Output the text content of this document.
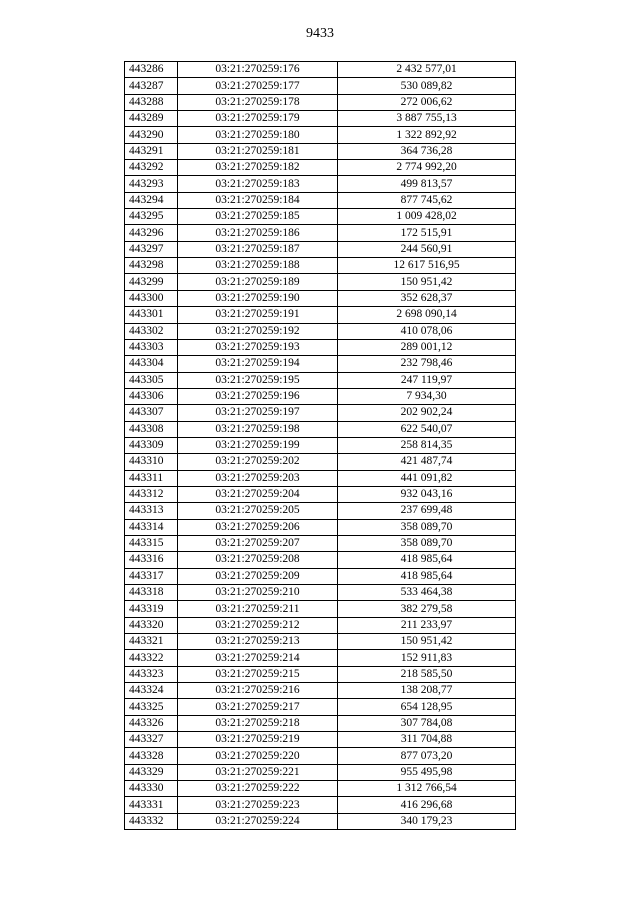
9433
443286	03:21:270259:176	2 432 577,01
443287	03:21:270259:177	530 089,82
443288	03:21:270259:178	272 006,62
443289	03:21:270259:179	3 887 755,13
443290	03:21:270259:180	1 322 892,92
443291	03:21:270259:181	364 736,28
443292	03:21:270259:182	2 774 992,20
443293	03:21:270259:183	499 813,57
443294	03:21:270259:184	877 745,62
443295	03:21:270259:185	1 009 428,02
443296	03:21:270259:186	172 515,91
443297	03:21:270259:187	244 560,91
443298	03:21:270259:188	12 617 516,95
443299	03:21:270259:189	150 951,42
443300	03:21:270259:190	352 628,37
443301	03:21:270259:191	2 698 090,14
443302	03:21:270259:192	410 078,06
443303	03:21:270259:193	289 001,12
443304	03:21:270259:194	232 798,46
443305	03:21:270259:195	247 119,97
443306	03:21:270259:196	7 934,30
443307	03:21:270259:197	202 902,24
443308	03:21:270259:198	622 540,07
443309	03:21:270259:199	258 814,35
443310	03:21:270259:202	421 487,74
443311	03:21:270259:203	441 091,82
443312	03:21:270259:204	932 043,16
443313	03:21:270259:205	237 699,48
443314	03:21:270259:206	358 089,70
443315	03:21:270259:207	358 089,70
443316	03:21:270259:208	418 985,64
443317	03:21:270259:209	418 985,64
443318	03:21:270259:210	533 464,38
443319	03:21:270259:211	382 279,58
443320	03:21:270259:212	211 233,97
443321	03:21:270259:213	150 951,42
443322	03:21:270259:214	152 911,83
443323	03:21:270259:215	218 585,50
443324	03:21:270259:216	138 208,77
443325	03:21:270259:217	654 128,95
443326	03:21:270259:218	307 784,08
443327	03:21:270259:219	311 704,88
443328	03:21:270259:220	877 073,20
443329	03:21:270259:221	955 495,98
443330	03:21:270259:222	1 312 766,54
443331	03:21:270259:223	416 296,68
443332	03:21:270259:224	340 179,23
